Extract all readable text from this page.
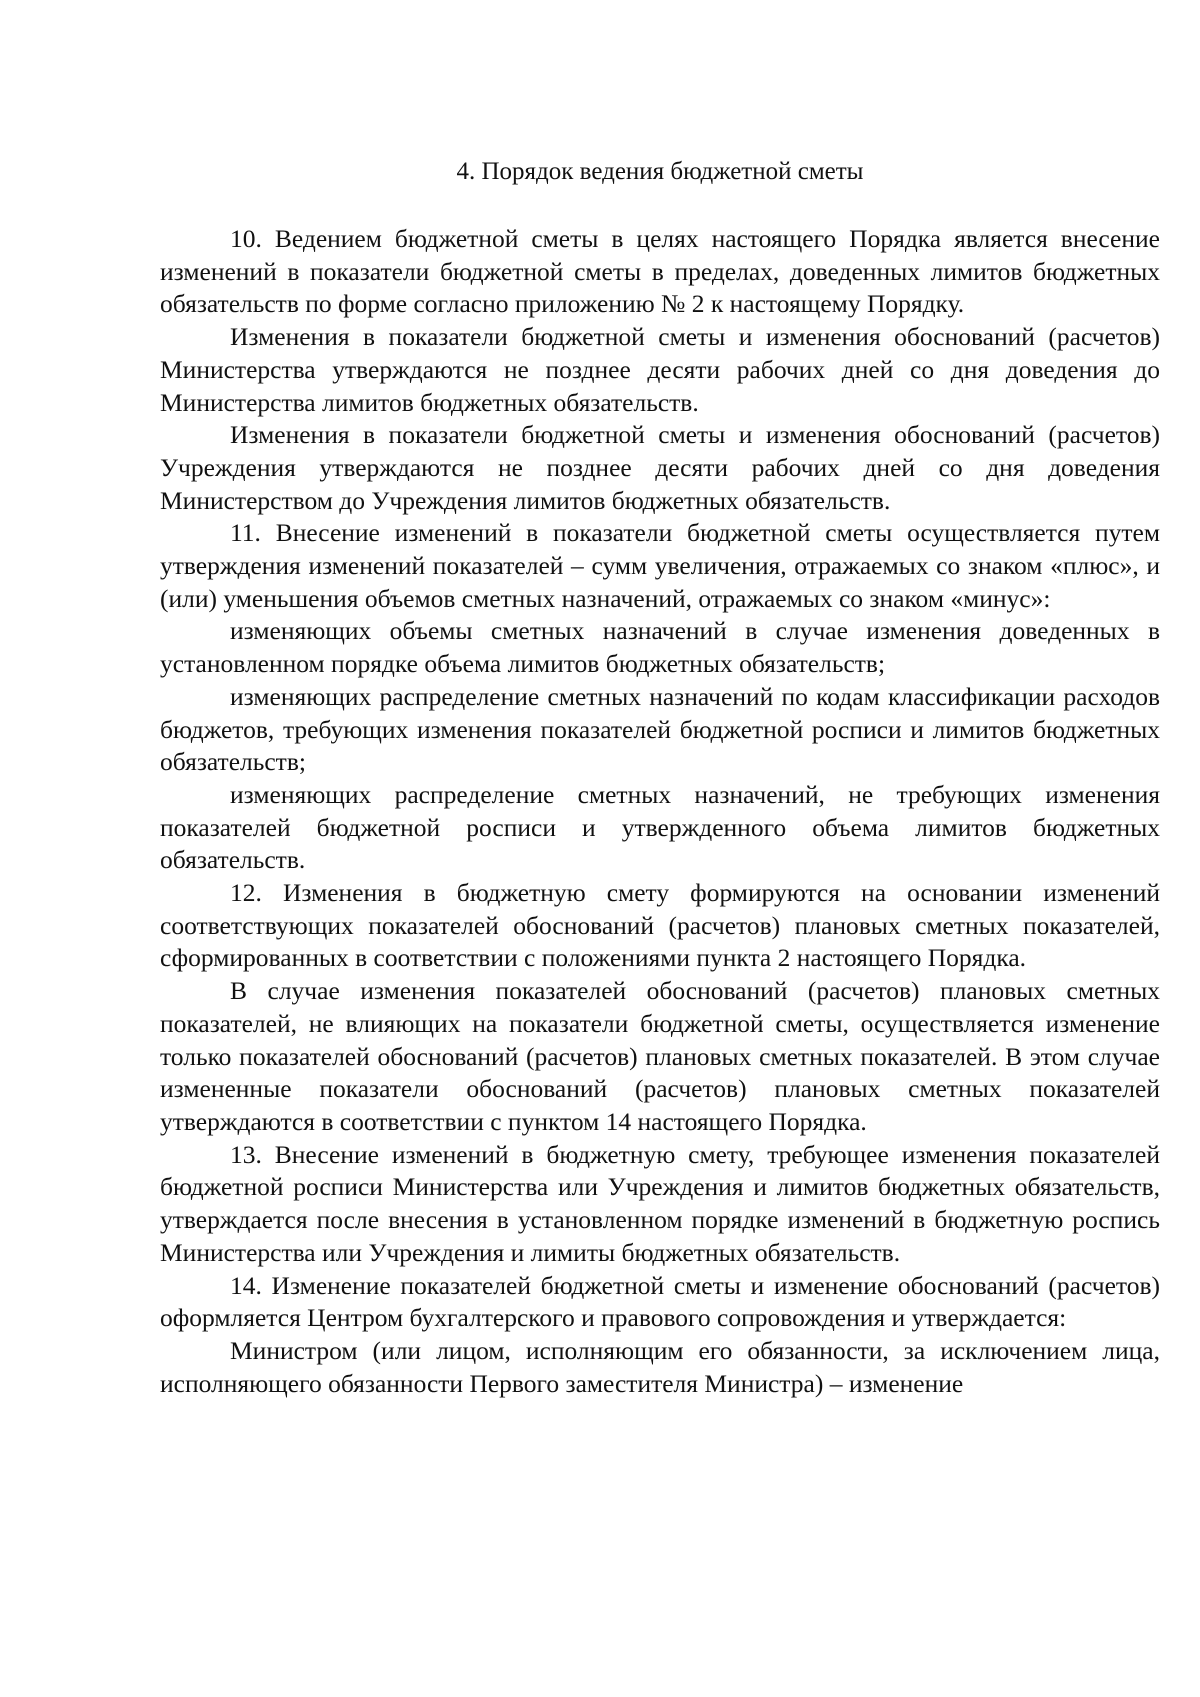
4. Порядок ведения бюджетной сметы

10. Ведением бюджетной сметы в целях настоящего Порядка является внесение изменений в показатели бюджетной сметы в пределах, доведенных лимитов бюджетных обязательств по форме согласно приложению № 2 к настоящему Порядку.

Изменения в показатели бюджетной сметы и изменения обоснований (расчетов) Министерства утверждаются не позднее десяти рабочих дней со дня доведения до Министерства лимитов бюджетных обязательств.

Изменения в показатели бюджетной сметы и изменения обоснований (расчетов) Учреждения утверждаются не позднее десяти рабочих дней со дня доведения Министерством до Учреждения лимитов бюджетных обязательств.

11. Внесение изменений в показатели бюджетной сметы осуществляется путем утверждения изменений показателей – сумм увеличения, отражаемых со знаком «плюс», и (или) уменьшения объемов сметных назначений, отражаемых со знаком «минус»:

изменяющих объемы сметных назначений в случае изменения доведенных в установленном порядке объема лимитов бюджетных обязательств;

изменяющих распределение сметных назначений по кодам классификации расходов бюджетов, требующих изменения показателей бюджетной росписи и лимитов бюджетных обязательств;

изменяющих распределение сметных назначений, не требующих изменения показателей бюджетной росписи и утвержденного объема лимитов бюджетных обязательств.

12. Изменения в бюджетную смету формируются на основании изменений соответствующих показателей обоснований (расчетов) плановых сметных показателей, сформированных в соответствии с положениями пункта 2 настоящего Порядка.

В случае изменения показателей обоснований (расчетов) плановых сметных показателей, не влияющих на показатели бюджетной сметы, осуществляется изменение только показателей обоснований (расчетов) плановых сметных показателей. В этом случае измененные показатели обоснований (расчетов) плановых сметных показателей утверждаются в соответствии с пунктом 14 настоящего Порядка.

13. Внесение изменений в бюджетную смету, требующее изменения показателей бюджетной росписи Министерства или Учреждения и лимитов бюджетных обязательств, утверждается после внесения в установленном порядке изменений в бюджетную роспись Министерства или Учреждения и лимиты бюджетных обязательств.

14. Изменение показателей бюджетной сметы и изменение обоснований (расчетов) оформляется Центром бухгалтерского и правового сопровождения и утверждается:

Министром (или лицом, исполняющим его обязанности, за исключением лица, исполняющего обязанности Первого заместителя Министра) – изменение
